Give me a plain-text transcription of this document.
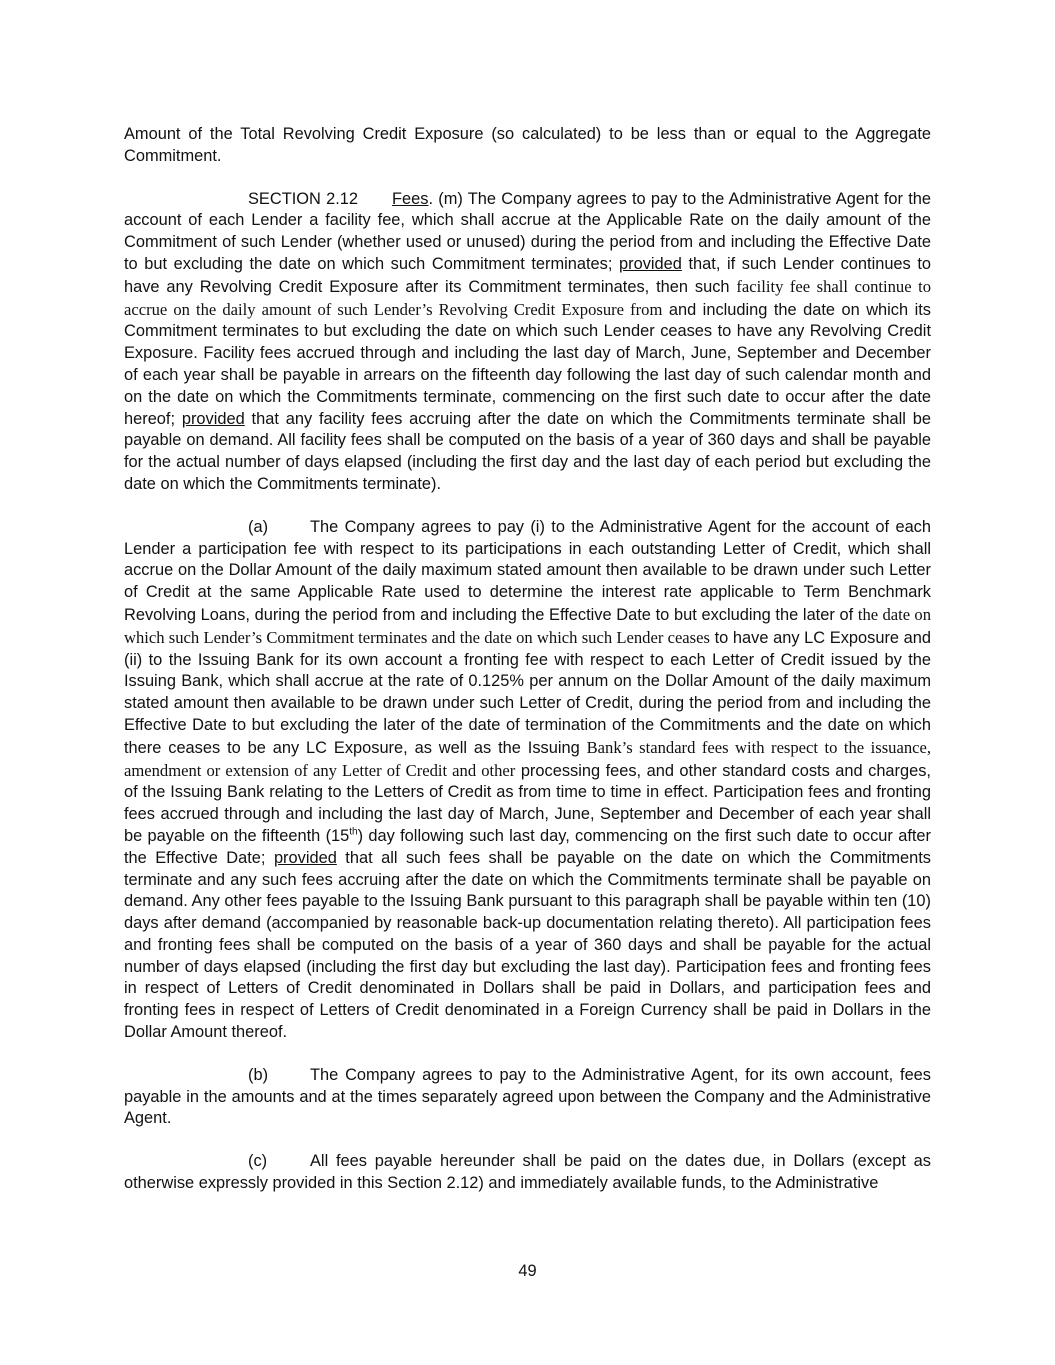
Amount of the Total Revolving Credit Exposure (so calculated) to be less than or equal to the Aggregate Commitment.

SECTION 2.12 Fees. (m) The Company agrees to pay to the Administrative Agent for the account of each Lender a facility fee, which shall accrue at the Applicable Rate on the daily amount of the Commitment of such Lender (whether used or unused) during the period from and including the Effective Date to but excluding the date on which such Commitment terminates; provided that, if such Lender continues to have any Revolving Credit Exposure after its Commitment terminates, then such facility fee shall continue to accrue on the daily amount of such Lender’s Revolving Credit Exposure from and including the date on which its Commitment terminates to but excluding the date on which such Lender ceases to have any Revolving Credit Exposure. Facility fees accrued through and including the last day of March, June, September and December of each year shall be payable in arrears on the fifteenth day following the last day of such calendar month and on the date on which the Commitments terminate, commencing on the first such date to occur after the date hereof; provided that any facility fees accruing after the date on which the Commitments terminate shall be payable on demand. All facility fees shall be computed on the basis of a year of 360 days and shall be payable for the actual number of days elapsed (including the first day and the last day of each period but excluding the date on which the Commitments terminate).

(a)	The Company agrees to pay (i) to the Administrative Agent for the account of each Lender a participation fee with respect to its participations in each outstanding Letter of Credit, which shall accrue on the Dollar Amount of the daily maximum stated amount then available to be drawn under such Letter of Credit at the same Applicable Rate used to determine the interest rate applicable to Term Benchmark Revolving Loans, during the period from and including the Effective Date to but excluding the later of the date on which such Lender’s Commitment terminates and the date on which such Lender ceases to have any LC Exposure and (ii) to the Issuing Bank for its own account a fronting fee with respect to each Letter of Credit issued by the Issuing Bank, which shall accrue at the rate of 0.125% per annum on the Dollar Amount of the daily maximum stated amount then available to be drawn under such Letter of Credit, during the period from and including the Effective Date to but excluding the later of the date of termination of the Commitments and the date on which there ceases to be any LC Exposure, as well as the Issuing Bank’s standard fees with respect to the issuance, amendment or extension of any Letter of Credit and other processing fees, and other standard costs and charges, of the Issuing Bank relating to the Letters of Credit as from time to time in effect. Participation fees and fronting fees accrued through and including the last day of March, June, September and December of each year shall be payable on the fifteenth (15th) day following such last day, commencing on the first such date to occur after the Effective Date; provided that all such fees shall be payable on the date on which the Commitments terminate and any such fees accruing after the date on which the Commitments terminate shall be payable on demand. Any other fees payable to the Issuing Bank pursuant to this paragraph shall be payable within ten (10) days after demand (accompanied by reasonable back-up documentation relating thereto). All participation fees and fronting fees shall be computed on the basis of a year of 360 days and shall be payable for the actual number of days elapsed (including the first day but excluding the last day). Participation fees and fronting fees in respect of Letters of Credit denominated in Dollars shall be paid in Dollars, and participation fees and fronting fees in respect of Letters of Credit denominated in a Foreign Currency shall be paid in Dollars in the Dollar Amount thereof.

(b)	The Company agrees to pay to the Administrative Agent, for its own account, fees payable in the amounts and at the times separately agreed upon between the Company and the Administrative Agent.

(c)	All fees payable hereunder shall be paid on the dates due, in Dollars (except as otherwise expressly provided in this Section 2.12) and immediately available funds, to the Administrative

49
